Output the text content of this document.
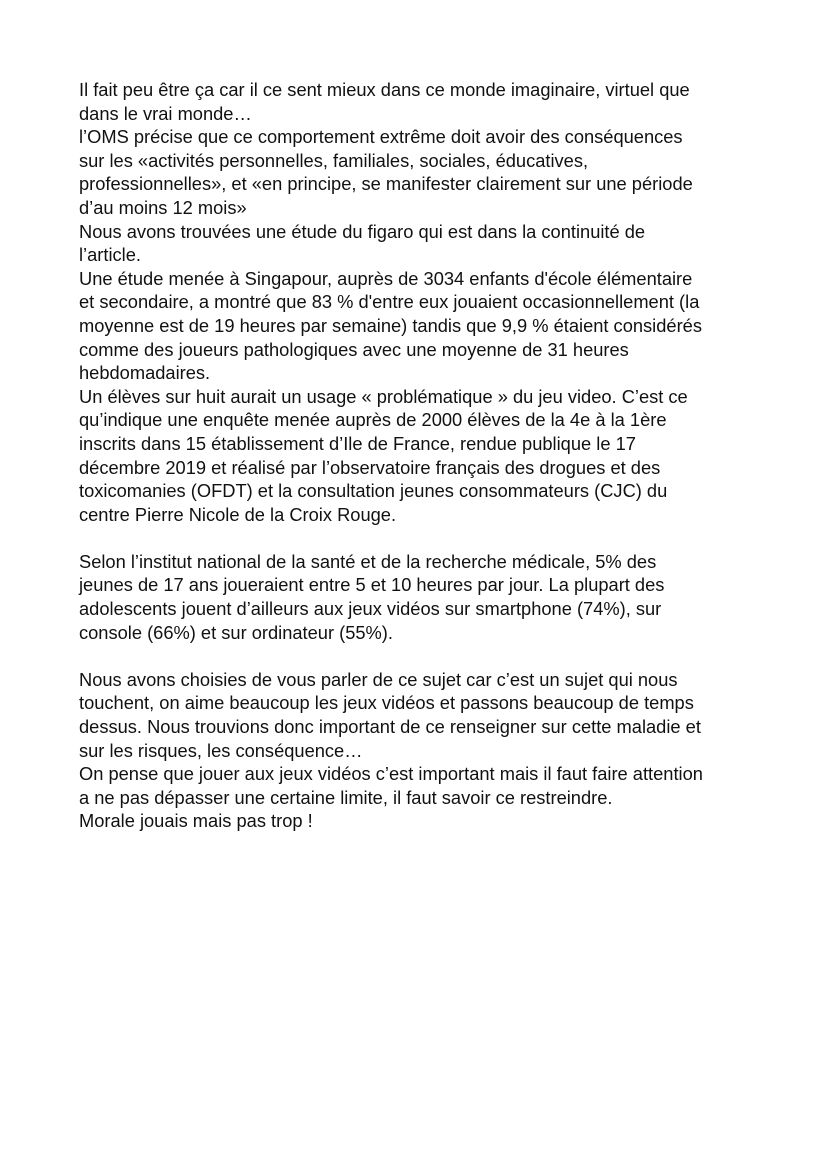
Il fait peu être ça car il ce sent mieux dans ce monde imaginaire, virtuel que
dans le vrai monde…
l’OMS précise que ce comportement extrême doit avoir des conséquences
sur les «activités personnelles, familiales, sociales, éducatives,
professionnelles», et «en principe, se manifester clairement sur une période
d’au moins 12 mois»
Nous avons trouvées une étude du figaro qui est dans la continuité de
l’article.
Une étude menée à Singapour, auprès de 3034 enfants d'école élémentaire
et secondaire, a montré que 83 % d'entre eux jouaient occasionnellement (la
moyenne est de 19 heures par semaine) tandis que 9,9 % étaient considérés
comme des joueurs pathologiques avec une moyenne de 31 heures
hebdomadaires.
Un élèves sur huit aurait un usage « problématique » du jeu video. C’est ce
qu’indique une enquête menée auprès de 2000 élèves de la 4e à la 1ère
inscrits dans 15 établissement d’Ile de France, rendue publique le 17
décembre 2019 et réalisé par l’observatoire français des drogues et des
toxicomanies (OFDT) et la consultation jeunes consommateurs (CJC) du
centre Pierre Nicole de la Croix Rouge.
Selon l’institut national de la santé et de la recherche médicale, 5% des
jeunes de 17 ans joueraient entre 5 et 10 heures par jour. La plupart des
adolescents jouent d’ailleurs aux jeux vidéos sur smartphone (74%), sur
console (66%) et sur ordinateur (55%).
Nous avons choisies de vous parler de ce sujet car c’est un sujet qui nous
touchent, on aime beaucoup les jeux vidéos et passons beaucoup de temps
dessus. Nous trouvions donc important de ce renseigner sur cette maladie et
sur les risques, les conséquence…
On pense que jouer aux jeux vidéos c’est important mais il faut faire attention
a ne pas dépasser une certaine limite, il faut savoir ce restreindre.
Morale jouais mais pas trop !
